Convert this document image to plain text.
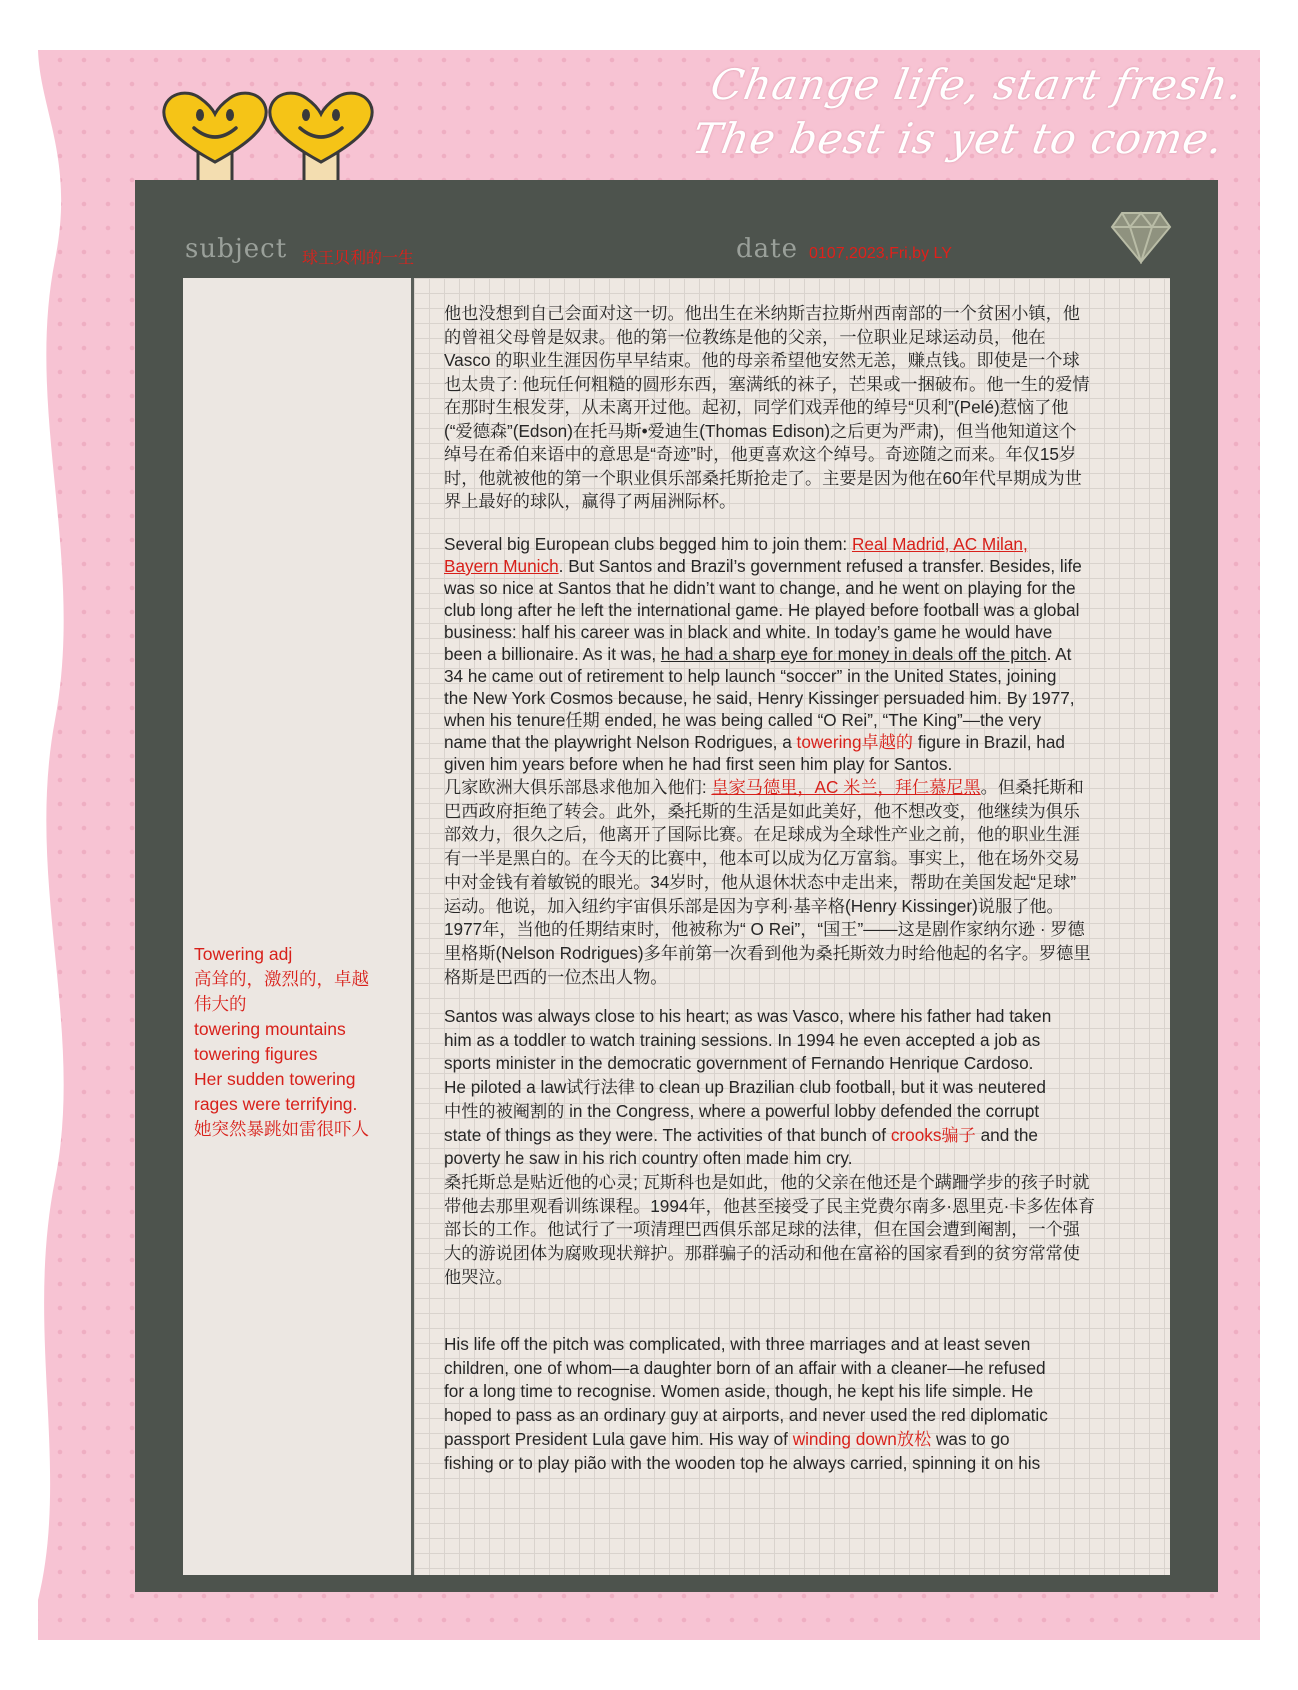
Change life, start fresh.
The best is yet to come.
subject 球王贝利的一生	date 0107,2023,Fri,by LY
Towering adj
高耸的，激烈的，卓越
伟大的
towering mountains
towering figures
Her sudden towering
rages were terrifying.
她突然暴跳如雷很吓人
他也没想到自己会面对这一切。他出生在米纳斯吉拉斯州西南部的一个贫困小镇，他
的曾祖父母曾是奴隶。他的第一位教练是他的父亲，一位职业足球运动员，他在
Vasco 的职业生涯因伤早早结束。他的母亲希望他安然无恙，赚点钱。即使是一个球
也太贵了: 他玩任何粗糙的圆形东西，塞满纸的袜子，芒果或一捆破布。他一生的爱情
在那时生根发芽，从未离开过他。起初，同学们戏弄他的绰号“贝利”(Pelé)惹恼了他
(“爱德森”(Edson)在托马斯•爱迪生(Thomas Edison)之后更为严肃)，但当他知道这个
绰号在希伯来语中的意思是“奇迹”时，他更喜欢这个绰号。奇迹随之而来。年仅15岁
时，他就被他的第一个职业俱乐部桑托斯抢走了。主要是因为他在60年代早期成为世
界上最好的球队，赢得了两届洲际杯。
Several big European clubs begged him to join them: Real Madrid, AC Milan,
Bayern Munich. But Santos and Brazil’s government refused a transfer. Besides, life
was so nice at Santos that he didn’t want to change, and he went on playing for the
club long after he left the international game. He played before football was a global
business: half his career was in black and white. In today’s game he would have
been a billionaire. As it was, he had a sharp eye for money in deals off the pitch. At
34 he came out of retirement to help launch “soccer” in the United States, joining
the New York Cosmos because, he said, Henry Kissinger persuaded him. By 1977,
when his tenure任期 ended, he was being called “O Rei”, “The King”—the very
name that the playwright Nelson Rodrigues, a towering卓越的 figure in Brazil, had
given him years before when he had first seen him play for Santos.
几家欧洲大俱乐部恳求他加入他们: 皇家马德里，AC 米兰，拜仁慕尼黑。但桑托斯和
巴西政府拒绝了转会。此外，桑托斯的生活是如此美好，他不想改变，他继续为俱乐
部效力，很久之后，他离开了国际比赛。在足球成为全球性产业之前，他的职业生涯
有一半是黑白的。在今天的比赛中，他本可以成为亿万富翁。事实上，他在场外交易
中对金钱有着敏锐的眼光。34岁时，他从退休状态中走出来，帮助在美国发起“足球”
运动。他说，加入纽约宇宙俱乐部是因为亨利·基辛格(Henry Kissinger)说服了他。
1977年，当他的任期结束时，他被称为“ O Rei”，“国王”——这是剧作家纳尔逊 · 罗德
里格斯(Nelson Rodrigues)多年前第一次看到他为桑托斯效力时给他起的名字。罗德里
格斯是巴西的一位杰出人物。
Santos was always close to his heart; as was Vasco, where his father had taken
him as a toddler to watch training sessions. In 1994 he even accepted a job as
sports minister in the democratic government of Fernando Henrique Cardoso.
He piloted a law试行法律 to clean up Brazilian club football, but it was neutered
中性的被阉割的 in the Congress, where a powerful lobby defended the corrupt
state of things as they were. The activities of that bunch of crooks骗子 and the
poverty he saw in his rich country often made him cry.
桑托斯总是贴近他的心灵; 瓦斯科也是如此，他的父亲在他还是个蹒跚学步的孩子时就
带他去那里观看训练课程。1994年，他甚至接受了民主党费尔南多·恩里克·卡多佐体育
部长的工作。他试行了一项清理巴西俱乐部足球的法律，但在国会遭到阉割，一个强
大的游说团体为腐败现状辩护。那群骗子的活动和他在富裕的国家看到的贫穷常常使
他哭泣。
His life off the pitch was complicated, with three marriages and at least seven
children, one of whom—a daughter born of an affair with a cleaner—he refused
for a long time to recognise. Women aside, though, he kept his life simple. He
hoped to pass as an ordinary guy at airports, and never used the red diplomatic
passport President Lula gave him. His way of winding down放松 was to go
fishing or to play pião with the wooden top he always carried, spinning it on his
